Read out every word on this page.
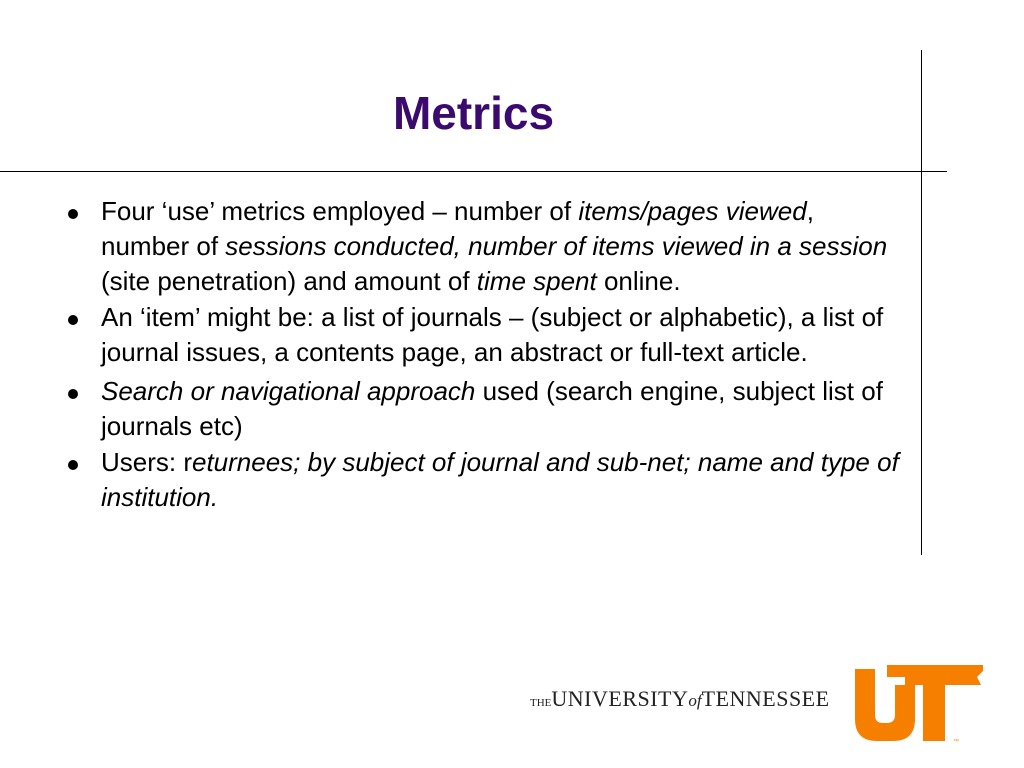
Metrics
Four ‘use’ metrics employed – number of items/pages viewed, number of sessions conducted, number of items viewed in a session (site penetration) and amount of time spent online.
An ‘item’ might be: a list of journals – (subject or alphabetic), a list of journal issues, a contents page, an abstract or full-text article.
Search or navigational approach used (search engine, subject list of journals etc)
Users: returnees; by subject of journal and sub-net; name and type of institution.
THEUNIVERSITYofTENNESSEE
™
